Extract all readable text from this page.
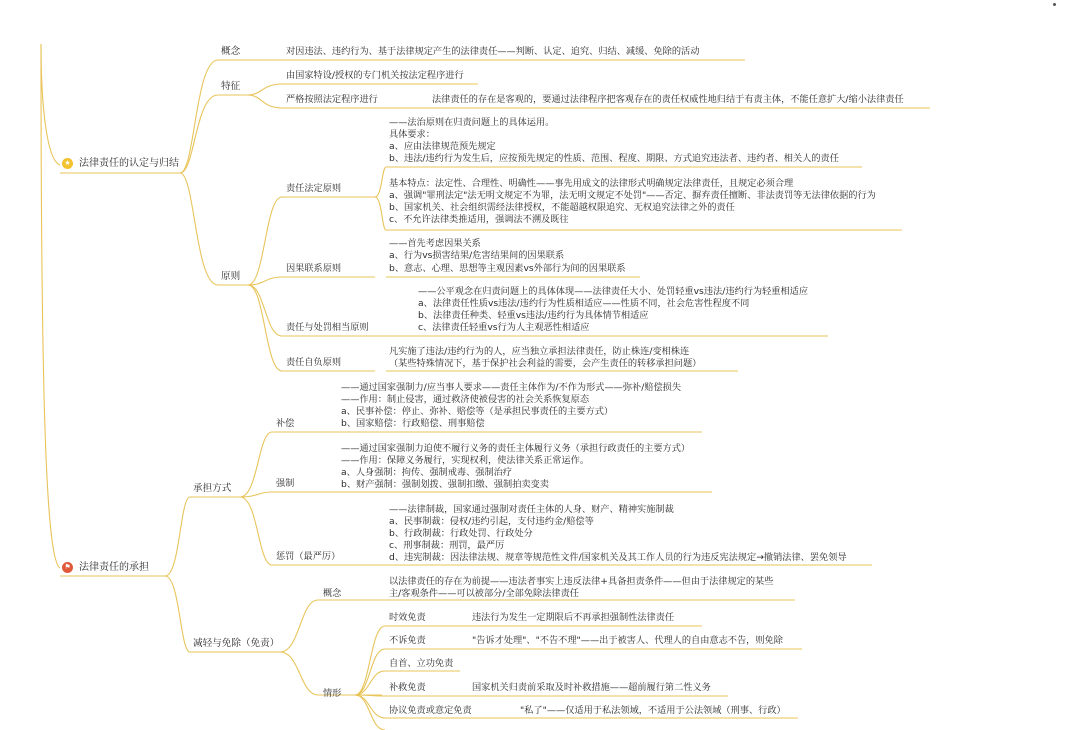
★ 法律责任的认定与归结
概念	对因违法、违约行为、基于法律规定产生的法律责任——判断、认定、追究、归结、减缓、免除的活动
特征
由国家特设/授权的专门机关按法定程序进行
严格按照法定程序进行	法律责任的存在是客观的，要通过法律程序把客观存在的责任权威性地归结于有责主体，不能任意扩大/缩小法律责任
原则
责任法定原则
——法治原则在归责问题上的具体运用。
具体要求：
a、应由法律规范预先规定
b、违法/违约行为发生后，应按预先规定的性质、范围、程度、期限、方式追究违法者、违约者、相关人的责任
基本特点：法定性、合理性、明确性——事先用成文的法律形式明确规定法律责任，且规定必须合理
a、强调"罪刑法定"法无明文规定不为罪，法无明文规定不处罚"——否定、摒弃责任擅断、非法责罚等无法律依据的行为
b、国家机关、社会组织需经法律授权，不能超越权限追究、无权追究法律之外的责任
c、不允许法律类推适用，强调法不溯及既往
因果联系原则
——首先考虑因果关系
a、行为vs损害结果/危害结果间的因果联系
b、意志、心理、思想等主观因素vs外部行为间的因果联系
责任与处罚相当原则
——公平观念在归责问题上的具体体现——法律责任大小、处罚轻重vs违法/违约行为轻重相适应
a、法律责任性质vs违法/违约行为性质相适应——性质不同，社会危害性程度不同
b、法律责任种类、轻重vs违法/违约行为具体情节相适应
c、法律责任轻重vs行为人主观恶性相适应
责任自负原则
凡实施了违法/违约行为的人，应当独立承担法律责任，防止株连/变相株连
（某些特殊情况下，基于保护社会利益的需要，会产生责任的转移承担问题）
⚑ 法律责任的承担
承担方式
补偿
——通过国家强制力/应当事人要求——责任主体作为/不作为形式——弥补/赔偿损失
——作用：制止侵害，通过救济使被侵害的社会关系恢复原态
a、民事补偿：停止、弥补、赔偿等（是承担民事责任的主要方式）
b、国家赔偿：行政赔偿、刑事赔偿
强制
——通过国家强制力迫使不履行义务的责任主体履行义务（承担行政责任的主要方式）
——作用：保障义务履行，实现权利，使法律关系正常运作。
a、人身强制：拘传、强制戒毒、强制治疗
b、财产强制：强制划拨、强制扣缴、强制拍卖变卖
惩罚（最严厉）
——法律制裁，国家通过强制对责任主体的人身、财产、精神实施制裁
a、民事制裁：侵权/违约引起，支付违约金/赔偿等
b、行政制裁：行政处罚、行政处分
c、刑事制裁：刑罚，最严厉
d、违宪制裁：因法律法规、规章等规范性文件/国家机关及其工作人员的行为违反宪法规定→撤销法律、罢免领导
减轻与免除（免责）
概念
以法律责任的存在为前提——违法者事实上违反法律+具备担责条件——但由于法律规定的某些
主/客观条件——可以被部分/全部免除法律责任
情形
时效免责	违法行为发生一定期限后不再承担强制性法律责任
不诉免责	"告诉才处理"、"不告不理"——出于被害人、代理人的自由意志不告，则免除
自首、立功免责
补救免责	国家机关归责前采取及时补救措施——超前履行第二性义务
协议免责或意定免责	"私了"——仅适用于私法领域，不适用于公法领域（刑事、行政）
